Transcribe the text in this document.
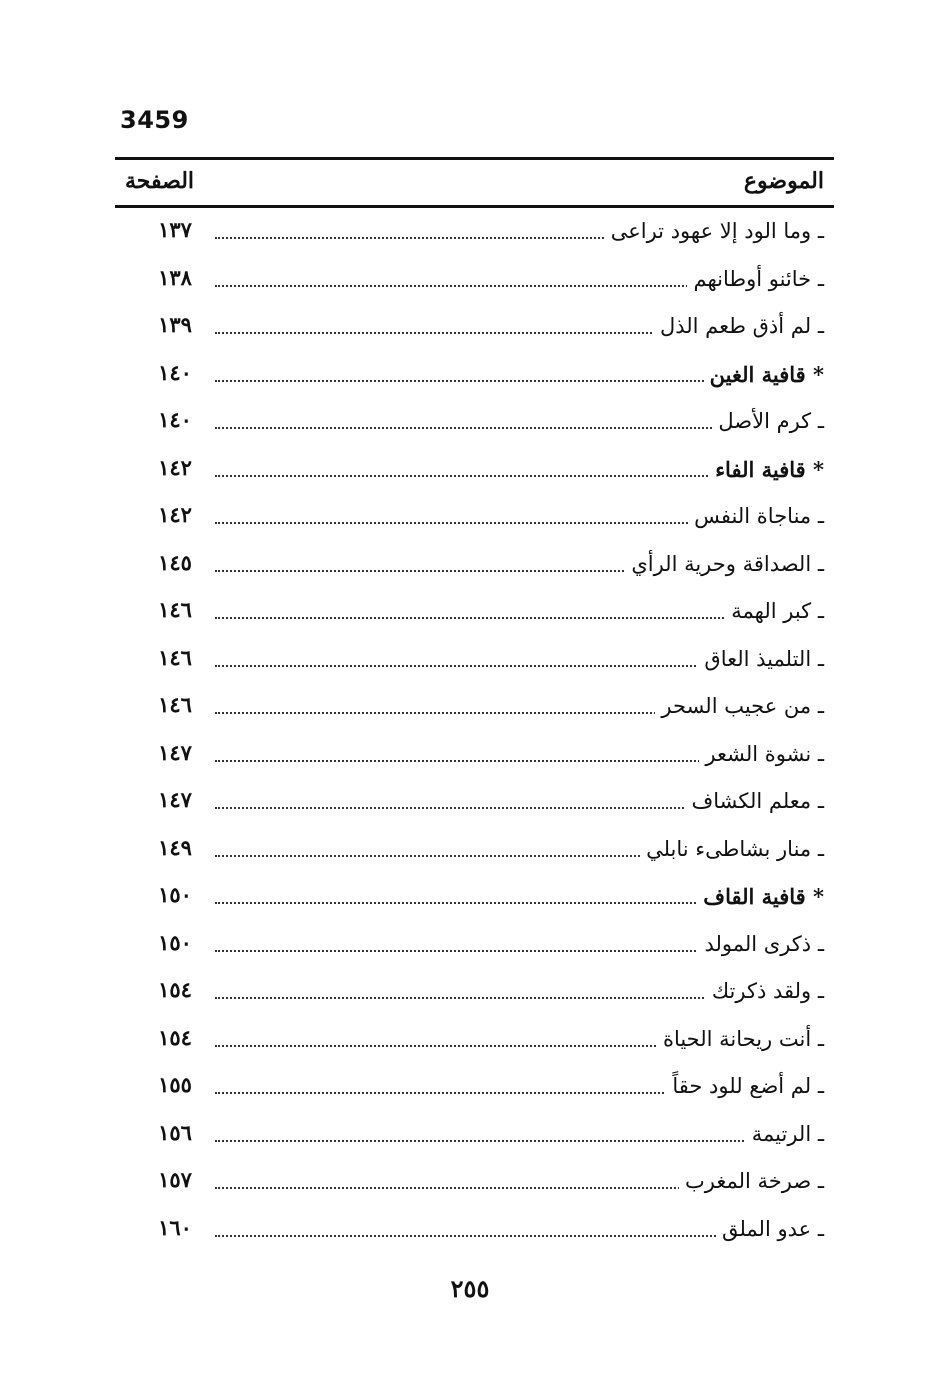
3459
الموضوع
الصفحة
ـ وما الود إلا عهود تراعى
١٣٧
ـ خائنو أوطانهم
١٣٨
ـ لم أذق طعم الذل
١٣٩
* قافية الغين
١٤٠
ـ كرم الأصل
١٤٠
* قافية الفاء
١٤٢
ـ مناجاة النفس
١٤٢
ـ الصداقة وحرية الرأي
١٤٥
ـ كبر الهمة
١٤٦
ـ التلميذ العاق
١٤٦
ـ من عجيب السحر
١٤٦
ـ نشوة الشعر
١٤٧
ـ معلم الكشاف
١٤٧
ـ منار بشاطىء نابلي
١٤٩
* قافية القاف
١٥٠
ـ ذكرى المولد
١٥٠
ـ ولقد ذكرتك
١٥٤
ـ أنت ريحانة الحياة
١٥٤
ـ لم أضع للود حقاً
١٥٥
ـ الرتيمة
١٥٦
ـ صرخة المغرب
١٥٧
ـ عدو الملق
١٦٠
٢٥٥
